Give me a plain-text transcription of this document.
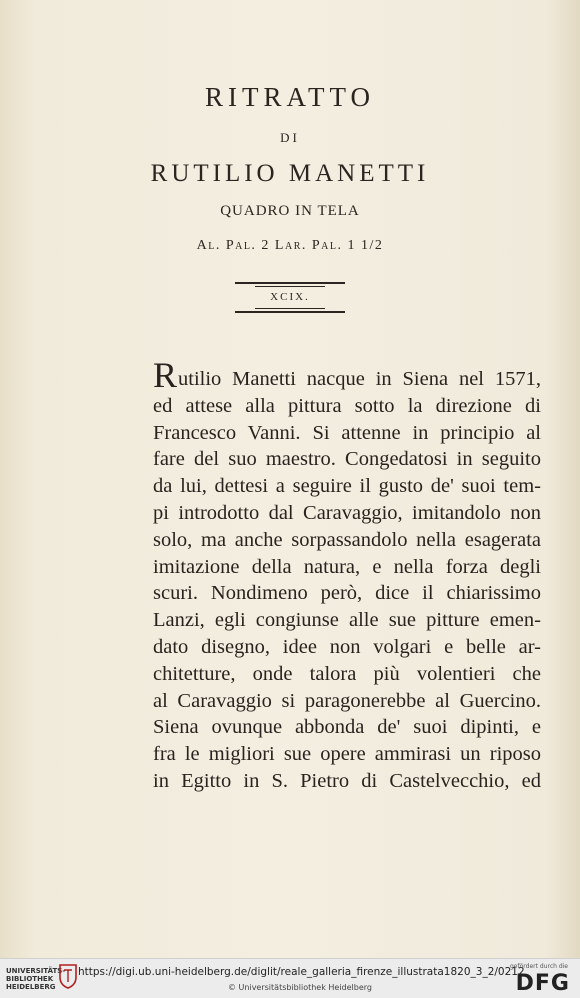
RITRATTO
DI
RUTILIO MANETTI
QUADRO IN TELA
Al. Pal. 2 Lar. Pal. 1 1/2
XCIX.
Rutilio Manetti nacque in Siena nel 1571,
ed attese alla pittura sotto la direzione di
Francesco Vanni. Si attenne in principio al
fare del suo maestro. Congedatosi in seguito
da lui, dettesi a seguire il gusto de' suoi tem-
pi introdotto dal Caravaggio, imitandolo non
solo, ma anche sorpassandolo nella esagerata
imitazione della natura, e nella forza degli
scuri. Nondimeno però, dice il chiarissimo
Lanzi, egli congiunse alle sue pitture emen-
dato disegno, idee non volgari e belle ar-
chitetture, onde talora più volentieri che
al Caravaggio si paragonerebbe al Guercino.
Siena ovunque abbonda de' suoi dipinti, e
fra le migliori sue opere ammirasi un riposo
in Egitto in S. Pietro di Castelvecchio, ed
UNIVERSITÄTS-
BIBLIOTHEK
HEIDELBERG
https://digi.ub.uni-heidelberg.de/diglit/reale_galleria_firenze_illustrata1820_3_2/0212
© Universitätsbibliothek Heidelberg
gefördert durch die
DFG
